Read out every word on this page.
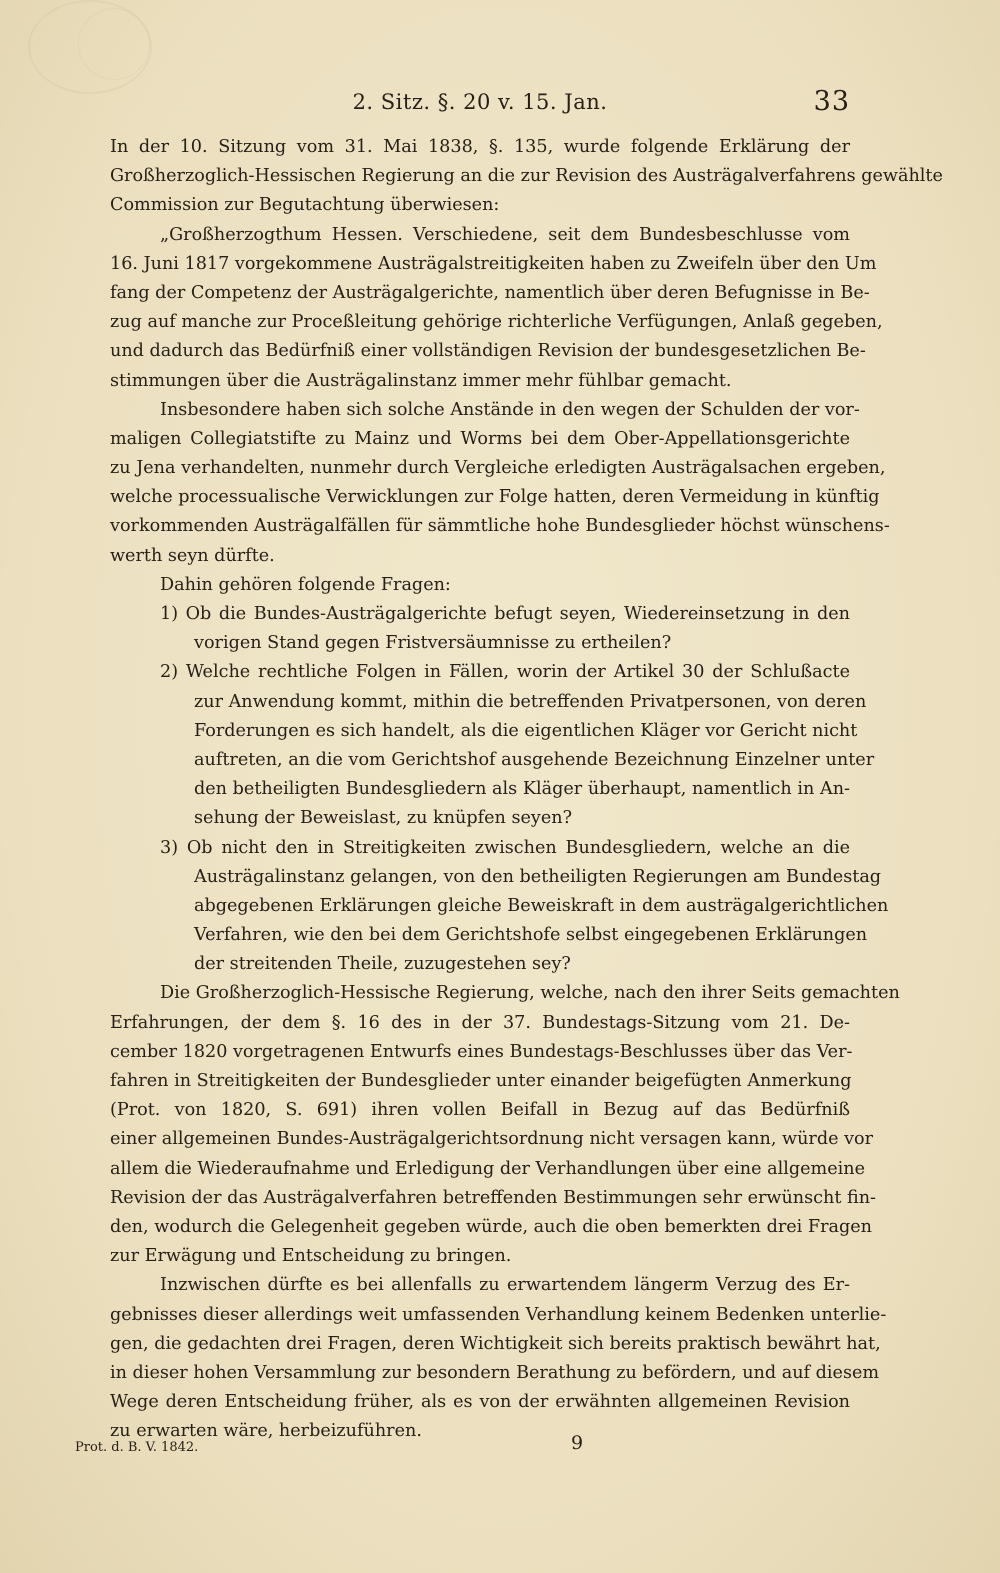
2. Sitz. §. 20 v. 15. Jan.	33
In der 10. Sitzung vom 31. Mai 1838, §. 135, wurde folgende Erklärung der
Großherzoglich-Hessischen Regierung an die zur Revision des Austrägalverfahrens gewählte
Commission zur Begutachtung überwiesen:
„Großherzogthum Hessen. Verschiedene, seit dem Bundesbeschlusse vom
16. Juni 1817 vorgekommene Austrägalstreitigkeiten haben zu Zweifeln über den Um
fang der Competenz der Austrägalgerichte, namentlich über deren Befugnisse in Be-
zug auf manche zur Proceßleitung gehörige richterliche Verfügungen, Anlaß gegeben,
und dadurch das Bedürfniß einer vollständigen Revision der bundesgesetzlichen Be-
stimmungen über die Austrägalinstanz immer mehr fühlbar gemacht.
Insbesondere haben sich solche Anstände in den wegen der Schulden der vor-
maligen Collegiatstifte zu Mainz und Worms bei dem Ober-Appellationsgerichte
zu Jena verhandelten, nunmehr durch Vergleiche erledigten Austrägalsachen ergeben,
welche processualische Verwicklungen zur Folge hatten, deren Vermeidung in künftig
vorkommenden Austrägalfällen für sämmtliche hohe Bundesglieder höchst wünschens-
werth seyn dürfte.
Dahin gehören folgende Fragen:
1) Ob die Bundes-Austrägalgerichte befugt seyen, Wiedereinsetzung in den
vorigen Stand gegen Fristversäumnisse zu ertheilen?
2) Welche rechtliche Folgen in Fällen, worin der Artikel 30 der Schlußacte
zur Anwendung kommt, mithin die betreffenden Privatpersonen, von deren
Forderungen es sich handelt, als die eigentlichen Kläger vor Gericht nicht
auftreten, an die vom Gerichtshof ausgehende Bezeichnung Einzelner unter
den betheiligten Bundesgliedern als Kläger überhaupt, namentlich in An-
sehung der Beweislast, zu knüpfen seyen?
3) Ob nicht den in Streitigkeiten zwischen Bundesgliedern, welche an die
Austrägalinstanz gelangen, von den betheiligten Regierungen am Bundestag
abgegebenen Erklärungen gleiche Beweiskraft in dem austrägalgerichtlichen
Verfahren, wie den bei dem Gerichtshofe selbst eingegebenen Erklärungen
der streitenden Theile, zuzugestehen sey?
Die Großherzoglich-Hessische Regierung, welche, nach den ihrer Seits gemachten
Erfahrungen, der dem §. 16 des in der 37. Bundestags-Sitzung vom 21. De-
cember 1820 vorgetragenen Entwurfs eines Bundestags-Beschlusses über das Ver-
fahren in Streitigkeiten der Bundesglieder unter einander beigefügten Anmerkung
(Prot. von 1820, S. 691) ihren vollen Beifall in Bezug auf das Bedürfniß
einer allgemeinen Bundes-Austrägalgerichtsordnung nicht versagen kann, würde vor
allem die Wiederaufnahme und Erledigung der Verhandlungen über eine allgemeine
Revision der das Austrägalverfahren betreffenden Bestimmungen sehr erwünscht fin-
den, wodurch die Gelegenheit gegeben würde, auch die oben bemerkten drei Fragen
zur Erwägung und Entscheidung zu bringen.
Inzwischen dürfte es bei allenfalls zu erwartendem längerm Verzug des Er-
gebnisses dieser allerdings weit umfassenden Verhandlung keinem Bedenken unterlie-
gen, die gedachten drei Fragen, deren Wichtigkeit sich bereits praktisch bewährt hat,
in dieser hohen Versammlung zur besondern Berathung zu befördern, und auf diesem
Wege deren Entscheidung früher, als es von der erwähnten allgemeinen Revision
zu erwarten wäre, herbeizuführen.
Prot. d. B. V. 1842.	9
